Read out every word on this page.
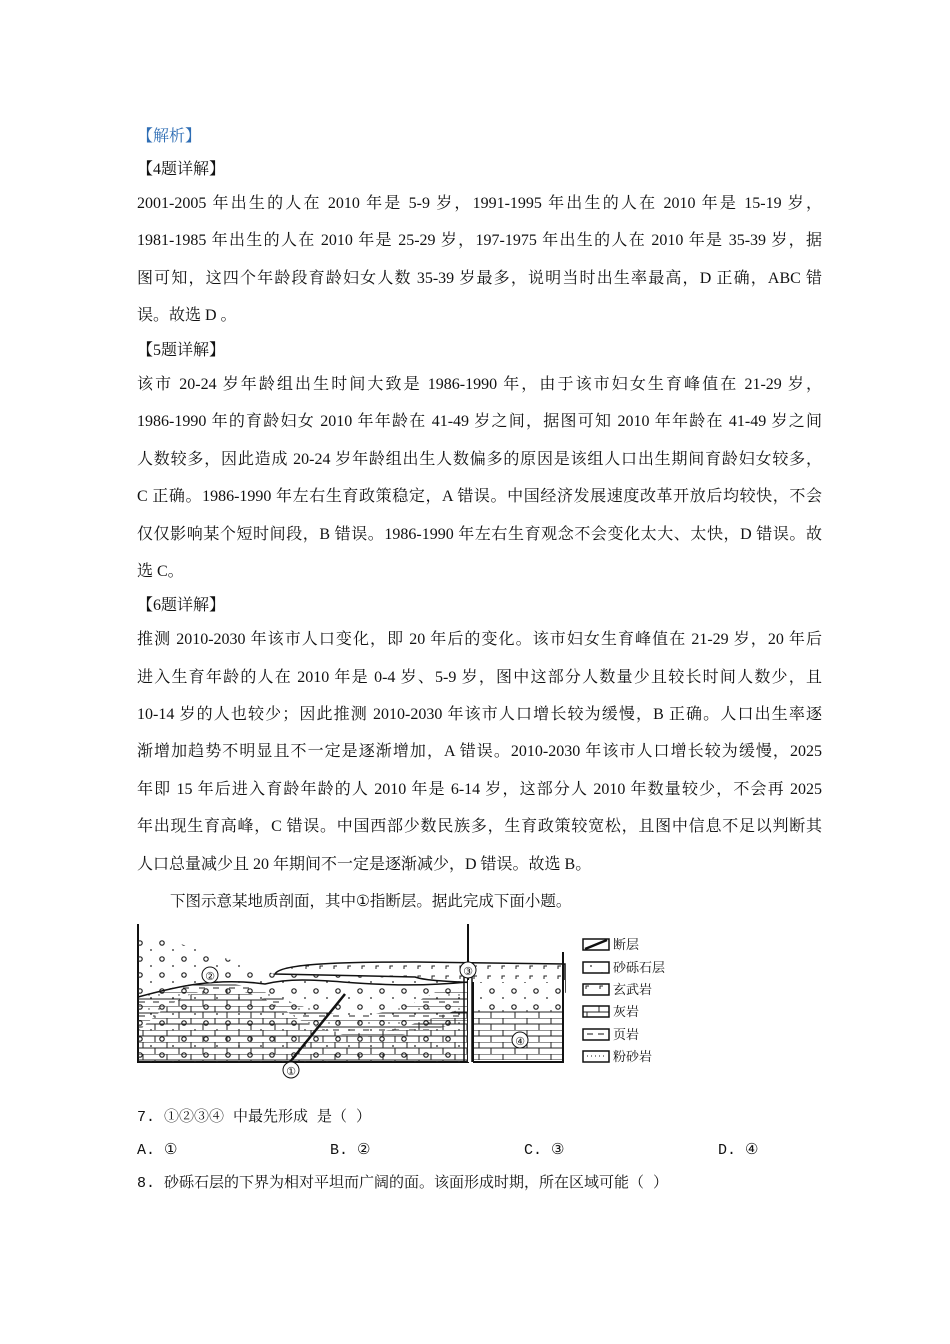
【解析】
【4题详解】
2001-2005 年出生的人在 2010 年是 5-9 岁，1991-1995 年出生的人在 2010 年是 15-19 岁，
1981-1985 年出生的人在 2010 年是 25-29 岁，197-1975 年出生的人在 2010 年是 35-39 岁，据
图可知，这四个年龄段育龄妇女人数 35-39 岁最多，说明当时出生率最高，D 正确，ABC 错
误。故选 D 。
【5题详解】
该市 20-24 岁年龄组出生时间大致是 1986-1990 年，由于该市妇女生育峰值在 21-29 岁，
1986-1990 年的育龄妇女 2010 年年龄在 41-49 岁之间，据图可知 2010 年年龄在 41-49 岁之间
人数较多，因此造成 20-24 岁年龄组出生人数偏多的原因是该组人口出生期间育龄妇女较多，
C 正确。1986-1990 年左右生育政策稳定，A 错误。中国经济发展速度改革开放后均较快，不会
仅仅影响某个短时间段，B 错误。1986-1990 年左右生育观念不会变化太大、太快，D 错误。故
选 C。
【6题详解】
推测 2010-2030 年该市人口变化，即 20 年后的变化。该市妇女生育峰值在 21-29 岁，20 年后
进入生育年龄的人在 2010 年是 0-4 岁、5-9 岁，图中这部分人数量少且较长时间人数少，且
10-14 岁的人也较少；因此推测 2010-2030 年该市人口增长较为缓慢，B 正确。人口出生率逐
渐增加趋势不明显且不一定是逐渐增加，A 错误。2010-2030 年该市人口增长较为缓慢，2025
年即 15 年后进入育龄年龄的人 2010 年是 6-14 岁，这部分人 2010 年数量较少，不会再 2025
年出现生育高峰，C 错误。中国西部少数民族多，生育政策较宽松，且图中信息不足以判断其
人口总量减少且 20 年期间不一定是逐渐减少，D 错误。故选 B。
下图示意某地质剖面，其中①指断层。据此完成下面小题。
①
②	③
④
断层
砂砾石层
玄武岩
灰岩
页岩
粉砂岩
7. ①②③④ 中最先形成 是（ ）
A. ①	B. ②	C. ③	D. ④
8. 砂砾石层的下界为相对平坦而广阔的面。该面形成时期，所在区域可能（ ）
